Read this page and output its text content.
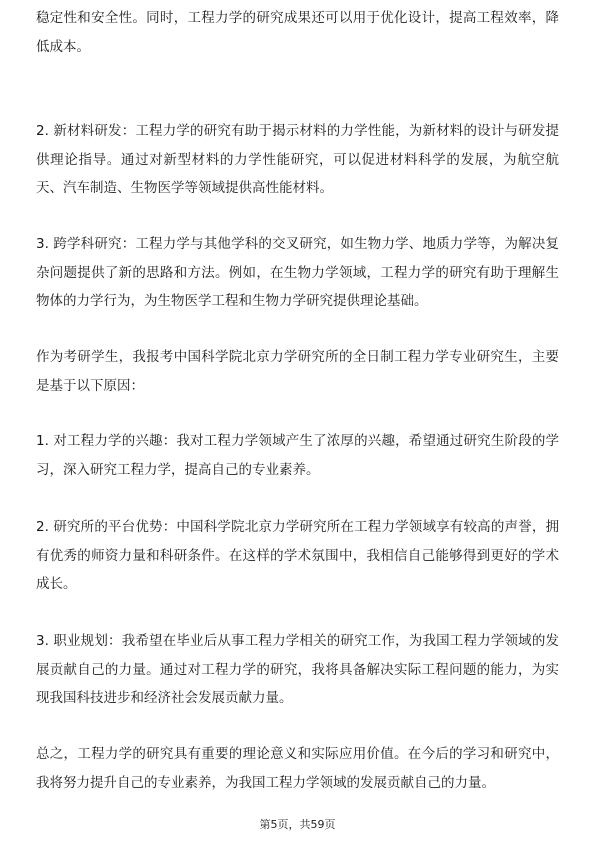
稳定性和安全性。同时，工程力学的研究成果还可以用于优化设计，提高工程效率，降低成本。

2. 新材料研发：工程力学的研究有助于揭示材料的力学性能，为新材料的设计与研发提供理论指导。通过对新型材料的力学性能研究，可以促进材料科学的发展，为航空航天、汽车制造、生物医学等领域提供高性能材料。

3. 跨学科研究：工程力学与其他学科的交叉研究，如生物力学、地质力学等，为解决复杂问题提供了新的思路和方法。例如，在生物力学领域，工程力学的研究有助于理解生物体的力学行为，为生物医学工程和生物力学研究提供理论基础。

作为考研学生，我报考中国科学院北京力学研究所的全日制工程力学专业研究生，主要是基于以下原因：

1. 对工程力学的兴趣：我对工程力学领域产生了浓厚的兴趣，希望通过研究生阶段的学习，深入研究工程力学，提高自己的专业素养。

2. 研究所的平台优势：中国科学院北京力学研究所在工程力学领域享有较高的声誉，拥有优秀的师资力量和科研条件。在这样的学术氛围中，我相信自己能够得到更好的学术成长。

3. 职业规划：我希望在毕业后从事工程力学相关的研究工作，为我国工程力学领域的发展贡献自己的力量。通过对工程力学的研究，我将具备解决实际工程问题的能力，为实现我国科技进步和经济社会发展贡献力量。

总之，工程力学的研究具有重要的理论意义和实际应用价值。在今后的学习和研究中，我将努力提升自己的专业素养，为我国工程力学领域的发展贡献自己的力量。

第5页，共59页
